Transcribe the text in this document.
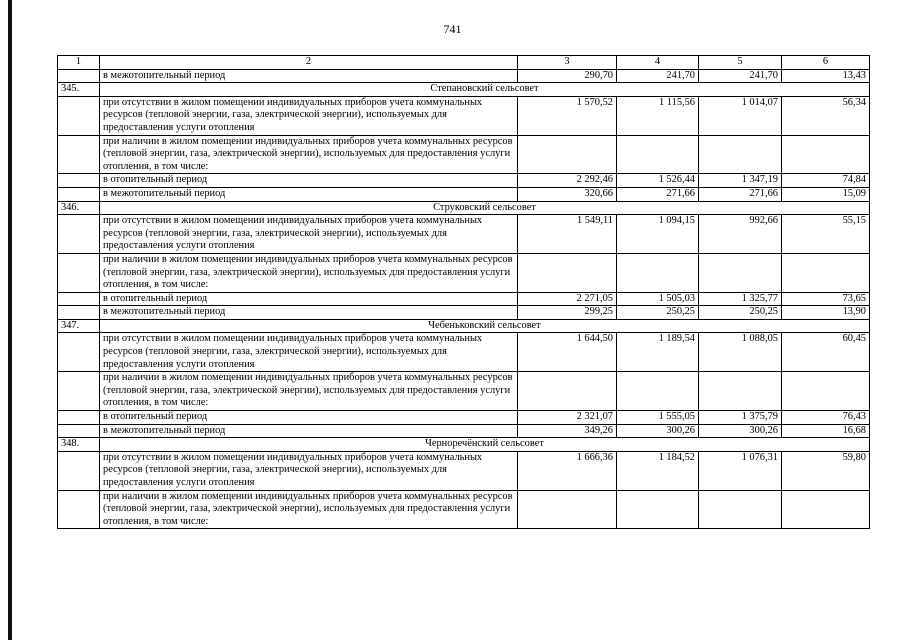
741
1	2	3	4	5	6
	в межотопительный период	290,70	241,70	241,70	13,43
345.	Степановский сельсовет				
	при отсутствии в жилом помещении индивидуальных приборов учета коммунальных ресурсов (тепловой энергии, газа, электрической энергии), используемых для предоставления услуги отопления	1 570,52	1 115,56	1 014,07	56,34
	при наличии в жилом помещении индивидуальных приборов учета коммунальных ресурсов (тепловой энергии, газа, электрической энергии), используемых для предоставления услуги отопления, в том числе:				
	в отопительный период	2 292,46	1 526,44	1 347,19	74,84
	в межотопительный период	320,66	271,66	271,66	15,09
346.	Струковский сельсовет				
	при отсутствии в жилом помещении индивидуальных приборов учета коммунальных ресурсов (тепловой энергии, газа, электрической энергии), используемых для предоставления услуги отопления	1 549,11	1 094,15	992,66	55,15
	при наличии в жилом помещении индивидуальных приборов учета коммунальных ресурсов (тепловой энергии, газа, электрической энергии), используемых для предоставления услуги отопления, в том числе:				
	в отопительный период	2 271,05	1 505,03	1 325,77	73,65
	в межотопительный период	299,25	250,25	250,25	13,90
347.	Чебеньковский сельсовет				
	при отсутствии в жилом помещении индивидуальных приборов учета коммунальных ресурсов (тепловой энергии, газа, электрической энергии), используемых для предоставления услуги отопления	1 644,50	1 189,54	1 088,05	60,45
	при наличии в жилом помещении индивидуальных приборов учета коммунальных ресурсов (тепловой энергии, газа, электрической энергии), используемых для предоставления услуги отопления, в том числе:				
	в отопительный период	2 321,07	1 555,05	1 375,79	76,43
	в межотопительный период	349,26	300,26	300,26	16,68
348.	Черноречёнский сельсовет				
	при отсутствии в жилом помещении индивидуальных приборов учета коммунальных ресурсов (тепловой энергии, газа, электрической энергии), используемых для предоставления услуги отопления	1 666,36	1 184,52	1 076,31	59,80
	при наличии в жилом помещении индивидуальных приборов учета коммунальных ресурсов (тепловой энергии, газа, электрической энергии), используемых для предоставления услуги отопления, в том числе:				
